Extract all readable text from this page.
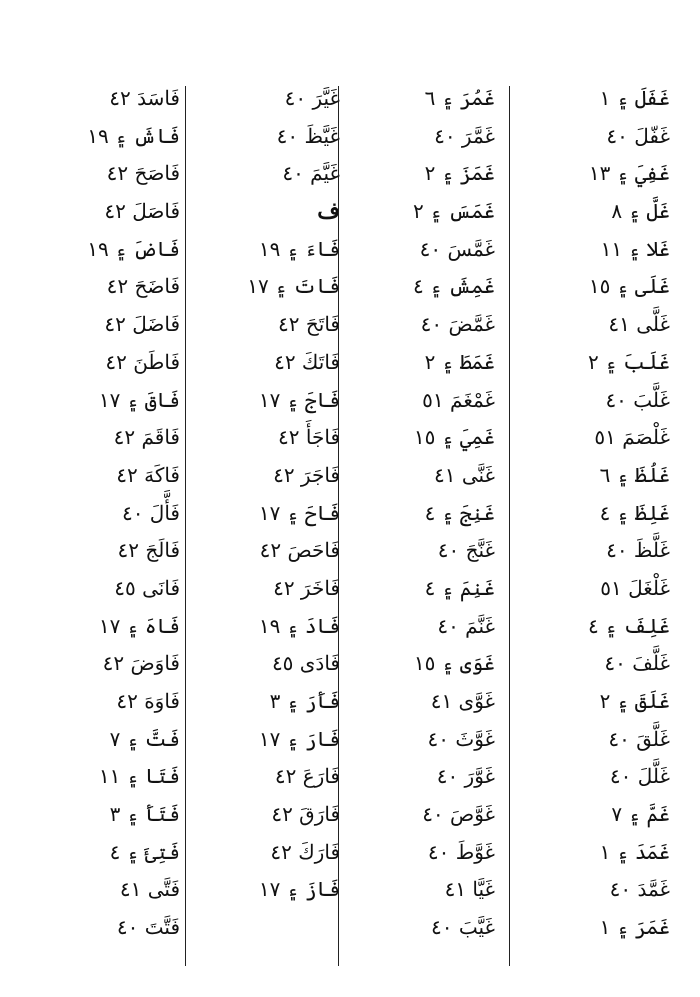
غَفَلَ ۽ ١
غَفّلَ ٤٠
غَفِيَ ۽ ١٣
غَلَّ ۽ ٨
غَلا ۽ ١١
غَلَى ۽ ١٥
غَلَّى ٤١
غَلَبَ ۽ ٢
غَلَّبَ ٤٠
غَلْصَمَ ٥١
غَلُظَ ۽ ٦
غَلِظَ ۽ ٤
غَلَّظَ ٤٠
غَلْغَلَ ٥١
غَلِفَ ۽ ٤
غَلَّفَ ٤٠
غَلَقَ ۽ ٢
غَلَّقَ ٤٠
غَلَّلَ ٤٠
غَمَّ ۽ ٧
غَمَدَ ۽ ١
غَمَّدَ ٤٠
غَمَرَ ۽ ١
غَمُرَ ۽ ٦
غَمَّرَ ٤٠
غَمَزَ ۽ ٢
غَمَسَ ۽ ٢
غَمَّسَ ٤٠
غَمِشَ ۽ ٤
غَمَّضَ ٤٠
غَمَطَ ۽ ٢
غَمْغَمَ ٥١
غَمِيَ ۽ ١٥
غَنَّى ٤١
غَنِجَ ۽ ٤
غَنَّجَ ٤٠
غَنِمَ ۽ ٤
غَنَّمَ ٤٠
غَوَى ۽ ١٥
غَوَّى ٤١
غَوَّثَ ٤٠
غَوَّرَ ٤٠
غَوَّصَ ٤٠
غَوَّطَ ٤٠
غَيَّا ٤١
غَيَّبَ ٤٠
غَيَّرَ ٤٠
غَيَّظَ ٤٠
غَيَّمَ ٤٠
ف
فَاءَ ۽ ١٩
فَاتَ ۽ ١٧
فَاتَحَ ٤٢
فَاتَكَ ٤٢
فَاجَ ۽ ١٧
فَاجَأَ ٤٢
فَاجَرَ ٤٢
فَاحَ ۽ ١٧
فَاحَصَ ٤٢
فَاخَرَ ٤٢
فَادَ ۽ ١٩
فَادَى ٤٥
فَأَرَ ۽ ٣
فَارَ ۽ ١٧
فَارَعَ ٤٢
فَارَقَ ٤٢
فَارَكَ ٤٢
فَازَ ۽ ١٧
فَاسَدَ ٤٢
فَاشَ ۽ ١٩
فَاصَحَ ٤٢
فَاصَلَ ٤٢
فَاضَ ۽ ١٩
فَاضَحَ ٤٢
فَاضَلَ ٤٢
فَاطَنَ ٤٢
فَاقَ ۽ ١٧
فَاقَمَ ٤٢
فَاكَهَ ٤٢
فَأَّلَ ٤٠
فَالَجَ ٤٢
فَانَى ٤٥
فَاهَ ۽ ١٧
فَاوَضَ ٤٢
فَاوَهَ ٤٢
فَتَّ ۽ ٧
فَتَا ۽ ١١
فَتَأَ ۽ ٣
فَتِئَ ۽ ٤
فَتَّى ٤١
فَتَّتَ ٤٠
